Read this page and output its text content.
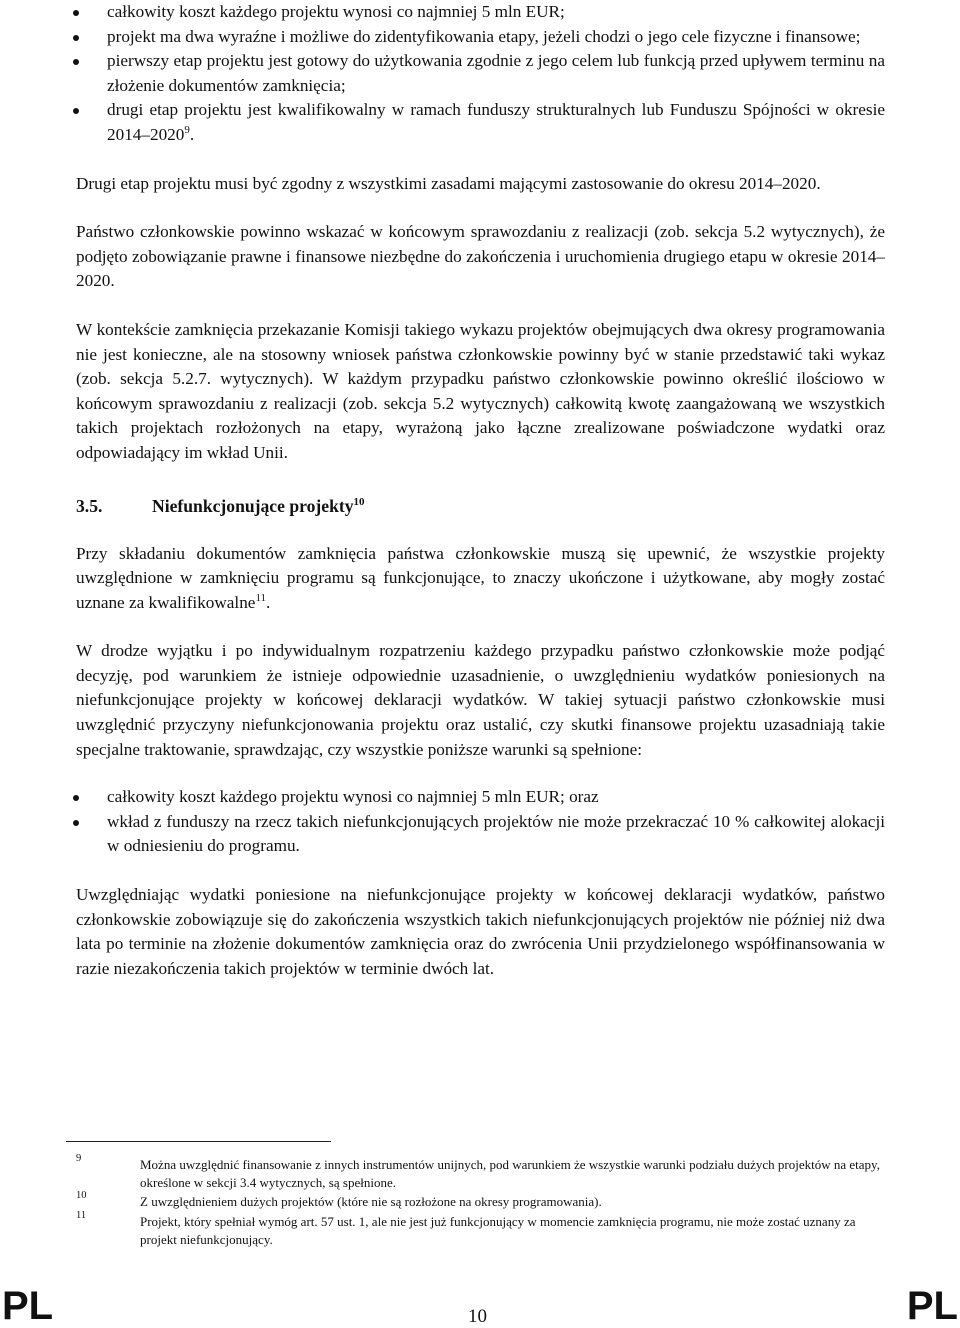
całkowity koszt każdego projektu wynosi co najmniej 5 mln EUR;
projekt ma dwa wyraźne i możliwe do zidentyfikowania etapy, jeżeli chodzi o jego cele fizyczne i finansowe;
pierwszy etap projektu jest gotowy do użytkowania zgodnie z jego celem lub funkcją przed upływem terminu na złożenie dokumentów zamknięcia;
drugi etap projektu jest kwalifikowalny w ramach funduszy strukturalnych lub Funduszu Spójności w okresie 2014–2020$^9$.

Drugi etap projektu musi być zgodny z wszystkimi zasadami mającymi zastosowanie do okresu 2014–2020.

Państwo członkowskie powinno wskazać w końcowym sprawozdaniu z realizacji (zob. sekcja 5.2 wytycznych), że podjęto zobowiązanie prawne i finansowe niezbędne do zakończenia i uruchomienia drugiego etapu w okresie 2014–2020.

W kontekście zamknięcia przekazanie Komisji takiego wykazu projektów obejmujących dwa okresy programowania nie jest konieczne, ale na stosowny wniosek państwa członkowskie powinny być w stanie przedstawić taki wykaz (zob. sekcja 5.2.7. wytycznych). W każdym przypadku państwo członkowskie powinno określić ilościowo w końcowym sprawozdaniu z realizacji (zob. sekcja 5.2 wytycznych) całkowitą kwotę zaangażowaną we wszystkich takich projektach rozłożonych na etapy, wyrażoną jako łączne zrealizowane poświadczone wydatki oraz odpowiadający im wkład Unii.

3.5.	Niefunkcjonujące projekty$^{10}$

Przy składaniu dokumentów zamknięcia państwa członkowskie muszą się upewnić, że wszystkie projekty uwzględnione w zamknięciu programu są funkcjonujące, to znaczy ukończone i użytkowane, aby mogły zostać uznane za kwalifikowalne$^{11}$.

W drodze wyjątku i po indywidualnym rozpatrzeniu każdego przypadku państwo członkowskie może podjąć decyzję, pod warunkiem że istnieje odpowiednie uzasadnienie, o uwzględnieniu wydatków poniesionych na niefunkcjonujące projekty w końcowej deklaracji wydatków. W takiej sytuacji państwo członkowskie musi uwzględnić przyczyny niefunkcjonowania projektu oraz ustalić, czy skutki finansowe projektu uzasadniają takie specjalne traktowanie, sprawdzając, czy wszystkie poniższe warunki są spełnione:

całkowity koszt każdego projektu wynosi co najmniej 5 mln EUR; oraz
wkład z funduszy na rzecz takich niefunkcjonujących projektów nie może przekraczać 10 % całkowitej alokacji w odniesieniu do programu.

Uwzględniając wydatki poniesione na niefunkcjonujące projekty w końcowej deklaracji wydatków, państwo członkowskie zobowiązuje się do zakończenia wszystkich takich niefunkcjonujących projektów nie później niż dwa lata po terminie na złożenie dokumentów zamknięcia oraz do zwrócenia Unii przydzielonego współfinansowania w razie niezakończenia takich projektów w terminie dwóch lat.

9	Można uwzględnić finansowanie z innych instrumentów unijnych, pod warunkiem że wszystkie warunki podziału dużych projektów na etapy, określone w sekcji 3.4 wytycznych, są spełnione.
10	Z uwzględnieniem dużych projektów (które nie są rozłożone na okresy programowania).
11	Projekt, który spełniał wymóg art. 57 ust. 1, ale nie jest już funkcjonujący w momencie zamknięcia programu, nie może zostać uznany za projekt niefunkcjonujący.
PL	10	PL
